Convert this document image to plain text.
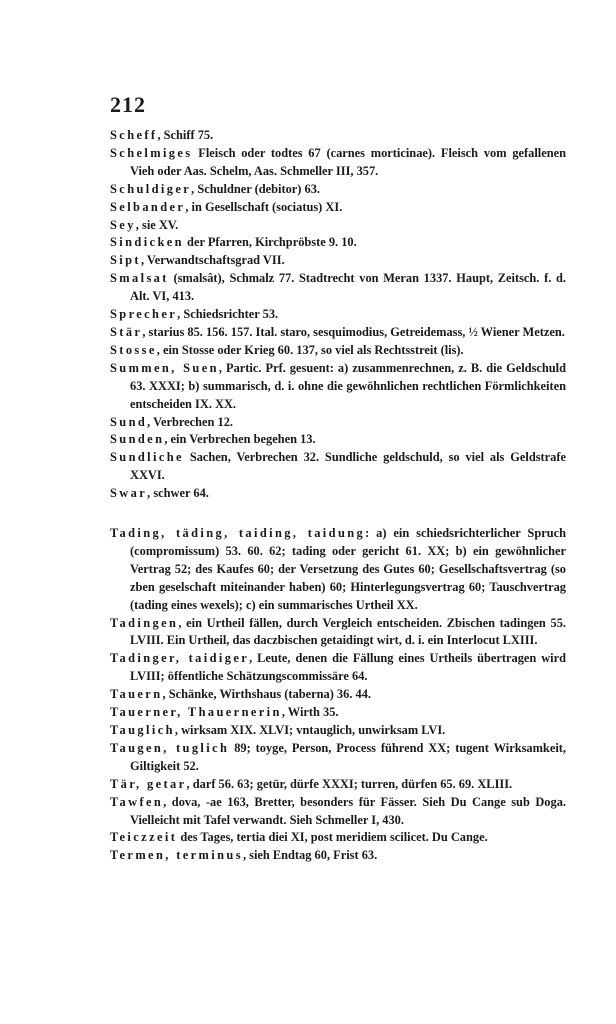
212

Scheff, Schiff 75.

Schelmiges Fleisch oder todtes 67 (carnes morticinae). Fleisch vom gefallenen Vieh oder Aas. Schelm, Aas. Schmeller III, 357.

Schuldiger, Schuldner (debitor) 63.

Selbander, in Gesellschaft (sociatus) XI.

Sey, sie XV.

Sindicken der Pfarren, Kirchpröbste 9. 10.

Sipt, Verwandtschaftsgrad VII.

Smalsat (smalsât), Schmalz 77. Stadtrecht von Meran 1337. Haupt, Zeitsch. f. d. Alt. VI, 413.

Sprecher, Schiedsrichter 53.

Stär, starius 85. 156. 157. Ital. staro, sesquimodius, Getreidemass, ½ Wiener Metzen.

Stosse, ein Stosse oder Krieg 60. 137, so viel als Rechtsstreit (lis).

Summen, Suen, Partic. Prf. gesuent: a) zusammenrechnen, z. B. die Geldschuld 63. XXXI; b) summarisch, d. i. ohne die gewöhnlichen rechtlichen Förmlichkeiten entscheiden IX. XX.

Sund, Verbrechen 12.

Sunden, ein Verbrechen begehen 13.

Sundliche Sachen, Verbrechen 32. Sundliche geldschuld, so viel als Geldstrafe XXVI.

Swar, schwer 64.

Tading, täding, taiding, taidung: a) ein schiedsrichterlicher Spruch (compromissum) 53. 60. 62; tading oder gericht 61. XX; b) ein gewöhnlicher Vertrag 52; des Kaufes 60; der Versetzung des Gutes 60; Gesellschaftsvertrag (so zben geselschaft miteinander haben) 60; Hinterlegungsvertrag 60; Tauschvertrag (tading eines wexels); c) ein summarisches Urtheil XX.

Tadingen, ein Urtheil fällen, durch Vergleich entscheiden. Zbischen tadingen 55. LVIII. Ein Urtheil, das daczbischen getaidingt wirt, d. i. ein Interlocut LXIII.

Tadinger, taidiger, Leute, denen die Fällung eines Urtheils übertragen wird LVIII; öffentliche Schätzungscommissäre 64.

Tauern, Schänke, Wirthshaus (taberna) 36. 44.

Tauerner, Thauernerin, Wirth 35.

Tauglich, wirksam XIX. XLVI; vntauglich, unwirksam LVI.

Taugen, tuglich 89; toyge, Person, Process führend XX; tugent Wirksamkeit, Giltigkeit 52.

Tär, getar, darf 56. 63; getür, dürfe XXXI; turren, dürfen 65. 69. XLIII.

Tawfen, dova, -ae 163, Bretter, besonders für Fässer. Sieh Du Cange sub Doga. Vielleicht mit Tafel verwandt. Sieh Schmeller I, 430.

Teiczzeit des Tages, tertia diei XI, post meridiem scilicet. Du Cange.

Termen, terminus, sieh Endtag 60, Frist 63.
